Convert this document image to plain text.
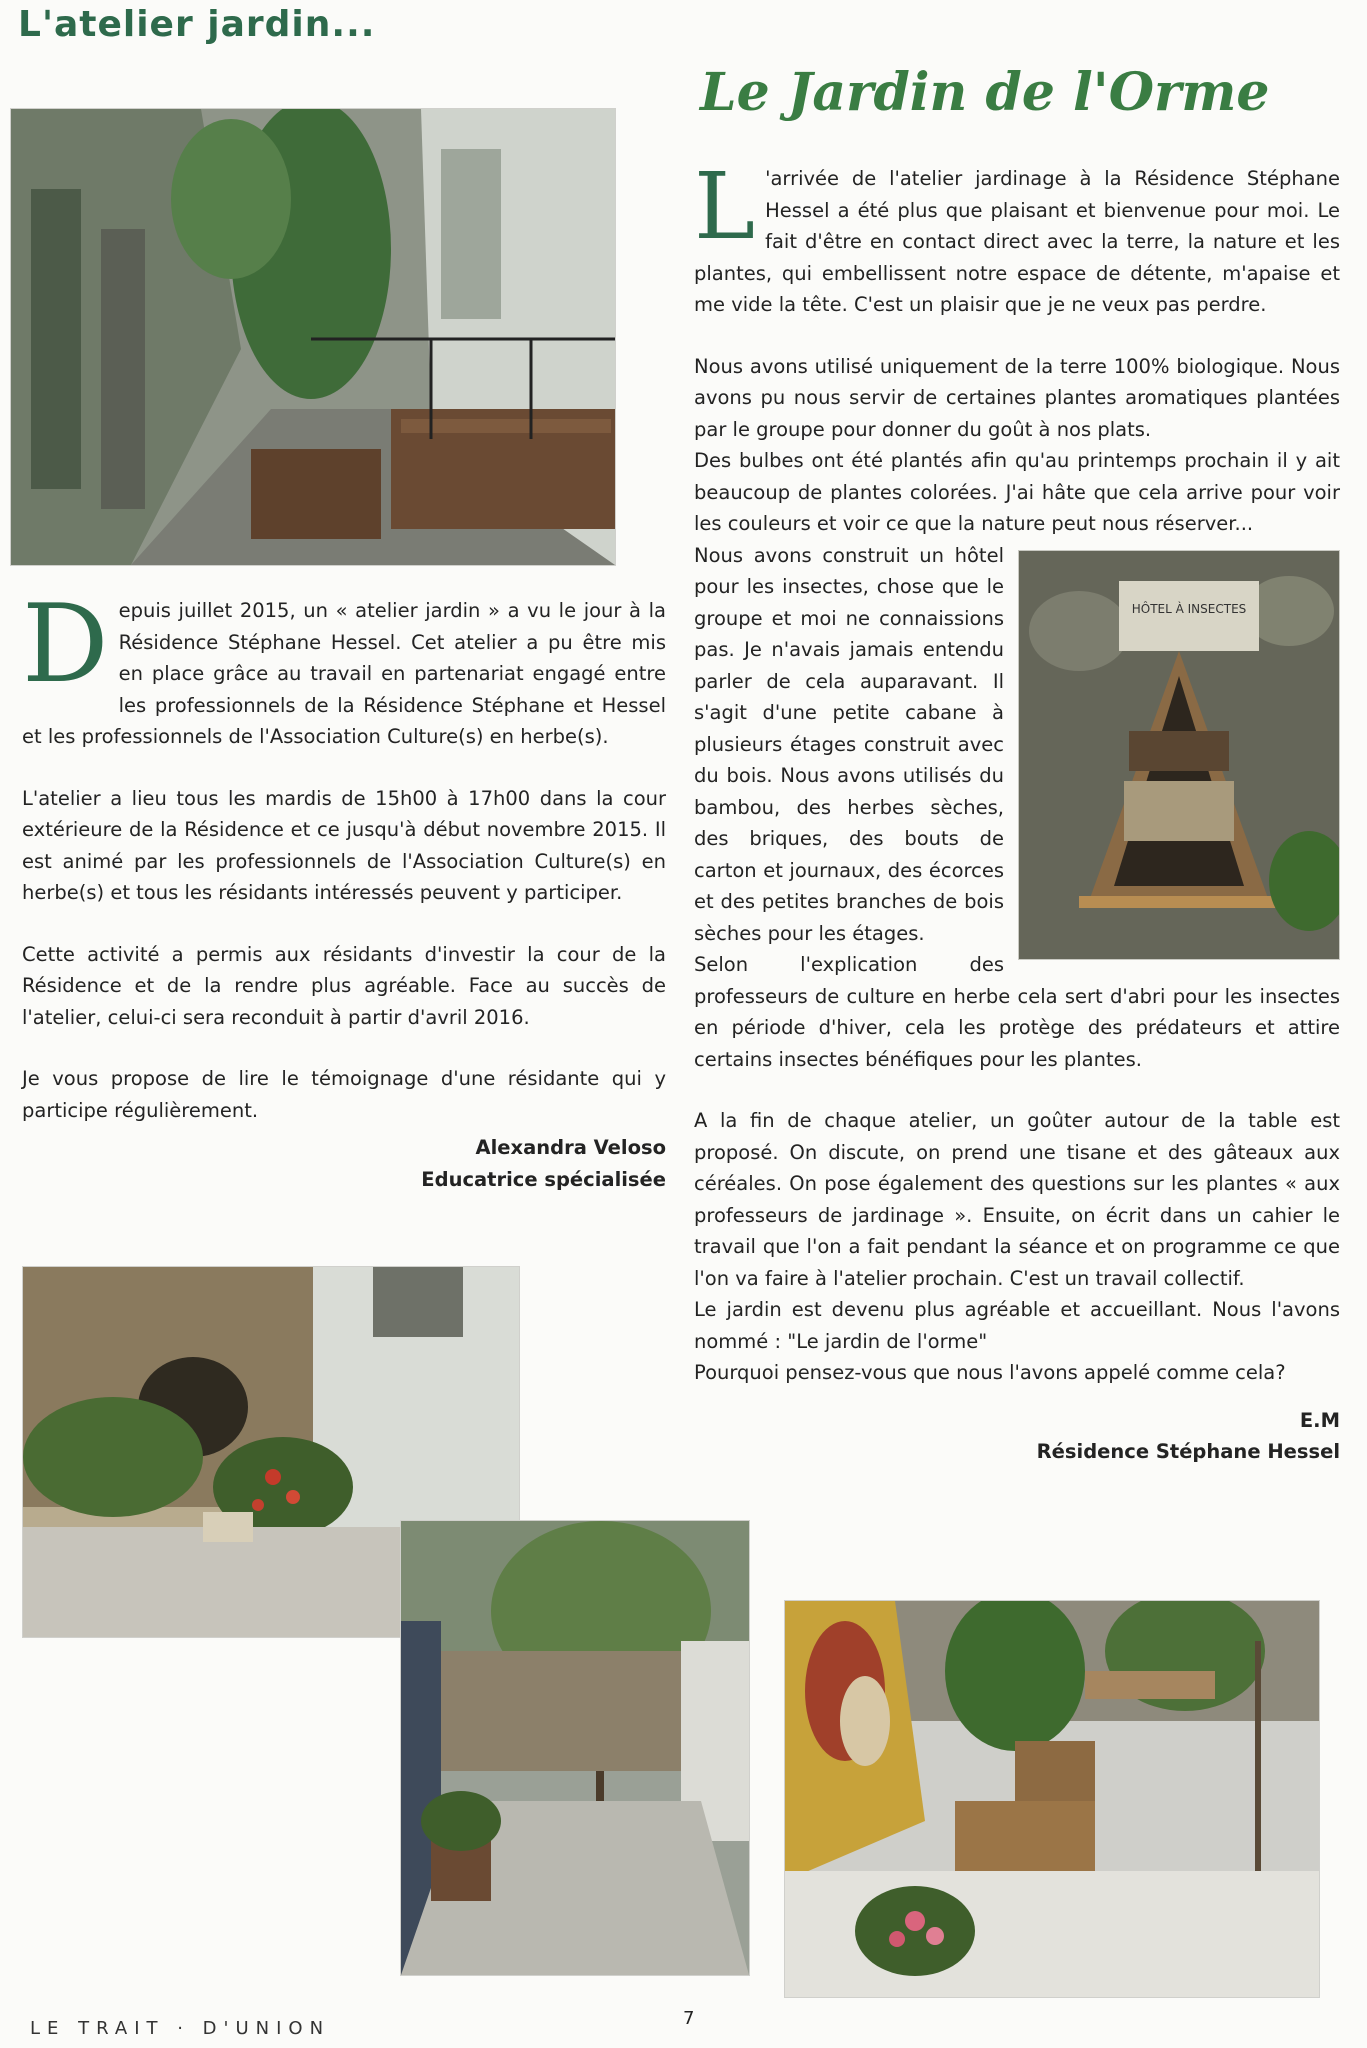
L'atelier jardin...
Le Jardin de l'Orme
D epuis juillet 2015, un « atelier jardin » a vu le jour à la Résidence Stéphane Hessel. Cet atelier a pu être mis en place grâce au travail en partenariat engagé entre les professionnels de la Résidence Stéphane et Hessel et les professionnels de l'Association Culture(s) en herbe(s).

L'atelier a lieu tous les mardis de 15h00 à 17h00 dans la cour extérieure de la Résidence et ce jusqu'à début novembre 2015. Il est animé par les professionnels de l'Association Culture(s) en herbe(s) et tous les résidants intéressés peuvent y participer.

Cette activité a permis aux résidants d'investir la cour de la Résidence et de la rendre plus agréable. Face au succès de l'atelier, celui-ci sera reconduit à partir d'avril 2016.

Je vous propose de lire le témoignage d'une résidante qui y participe régulièrement.

Alexandra Veloso
Educatrice spécialisée
L 'arrivée de l'atelier jardinage à la Résidence Stéphane Hessel a été plus que plaisant et bienvenue pour moi. Le fait d'être en contact direct avec la terre, la nature et les plantes, qui embellissent notre espace de détente, m'apaise et me vide la tête. C'est un plaisir que je ne veux pas perdre.

Nous avons utilisé uniquement de la terre 100% biologique. Nous avons pu nous servir de certaines plantes aromatiques plantées par le groupe pour donner du goût à nos plats.

Des bulbes ont été plantés afin qu'au printemps prochain il y ait beaucoup de plantes colorées. J'ai hâte que cela arrive pour voir les couleurs et voir ce que la nature peut nous réserver...

HÔTEL À INSECTES

Nous avons construit un hôtel pour les insectes, chose que le groupe et moi ne connaissions pas. Je n'avais jamais entendu parler de cela auparavant. Il s'agit d'une petite cabane à plusieurs étages construit avec du bois. Nous avons utilisés du bambou, des herbes sèches, des briques, des bouts de carton et journaux, des écorces et des petites branches de bois sèches pour les étages.

Selon l'explication des professeurs de culture en herbe cela sert d'abri pour les insectes en période d'hiver, cela les protège des prédateurs et attire certains insectes bénéfiques pour les plantes.

A la fin de chaque atelier, un goûter autour de la table est proposé. On discute, on prend une tisane et des gâteaux aux céréales. On pose également des questions sur les plantes « aux professeurs de jardinage ». Ensuite, on écrit dans un cahier le travail que l'on a fait pendant la séance et on programme ce que l'on va faire à l'atelier prochain. C'est un travail collectif.

Le jardin est devenu plus agréable et accueillant. Nous l'avons nommé : "Le jardin de l'orme"

Pourquoi pensez-vous que nous l'avons appelé comme cela?

E.M
Résidence Stéphane Hessel
LE TRAIT · D'UNION	7
